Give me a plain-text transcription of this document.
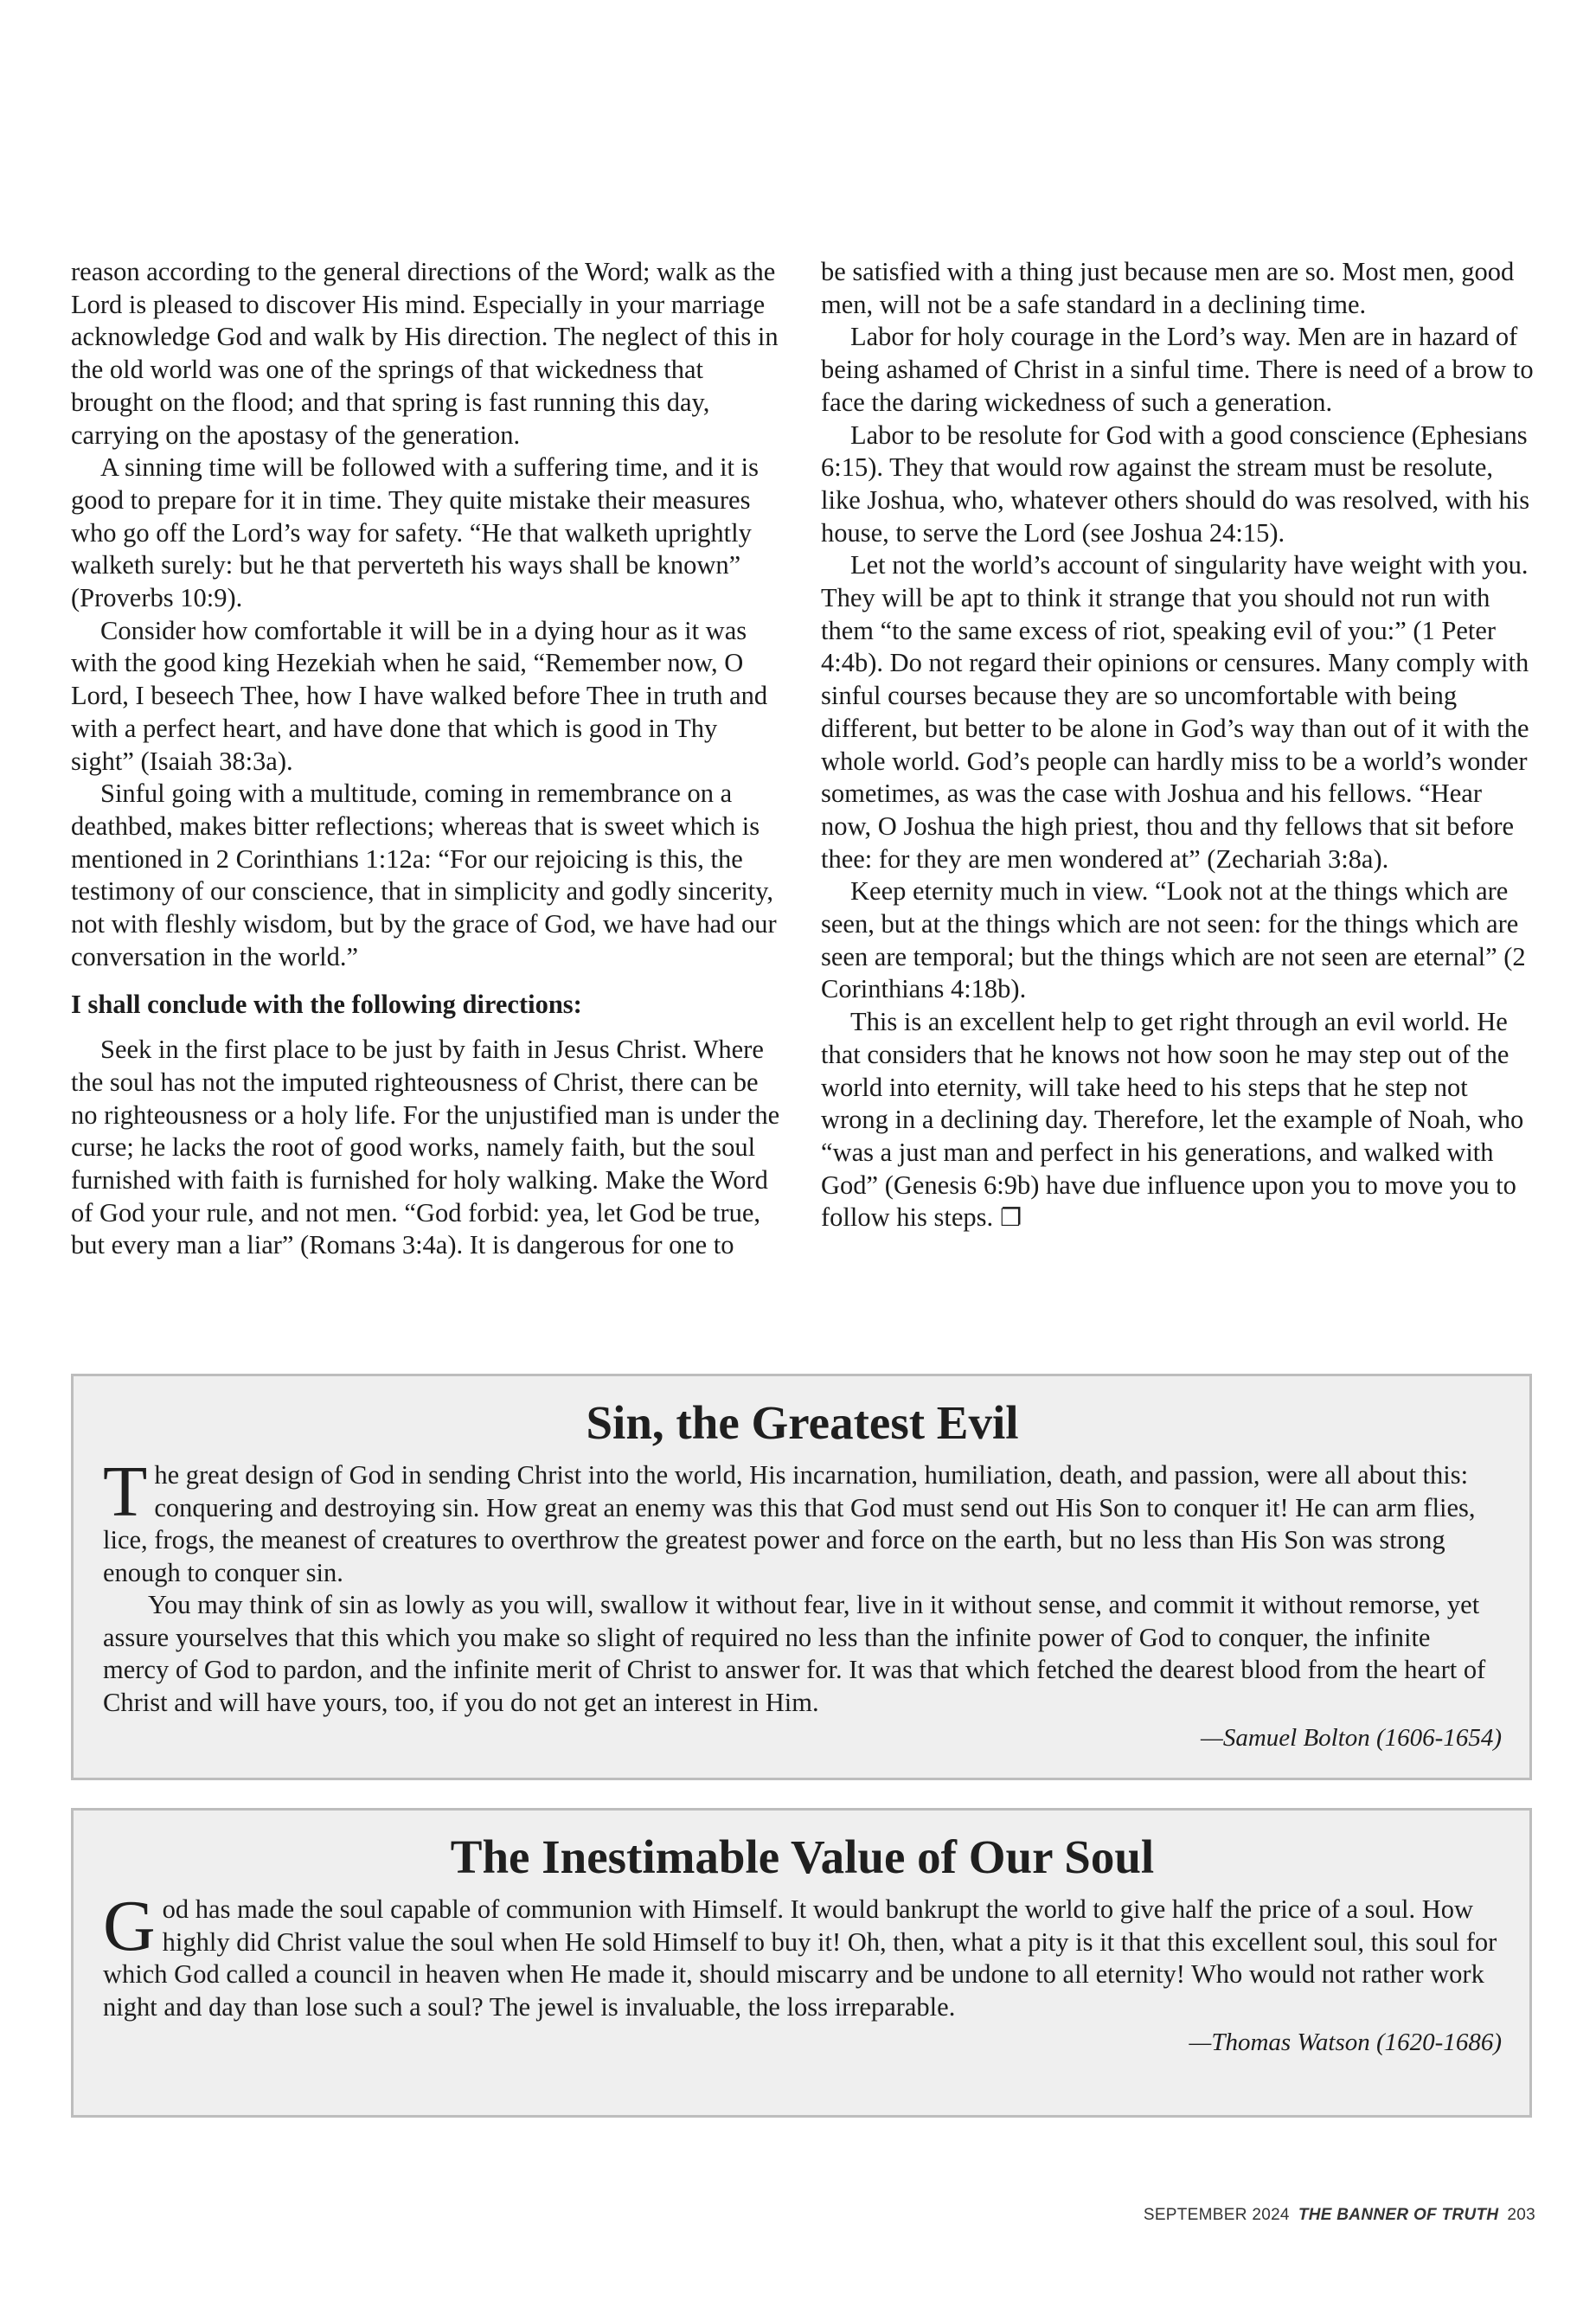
reason according to the general directions of the Word; walk as the Lord is pleased to discover His mind. Especially in your marriage acknowledge God and walk by His direction. The neglect of this in the old world was one of the springs of that wickedness that brought on the flood; and that spring is fast running this day, carrying on the apostasy of the generation.

A sinning time will be followed with a suffering time, and it is good to prepare for it in time. They quite mistake their measures who go off the Lord’s way for safety. “He that walketh uprightly walketh surely: but he that perverteth his ways shall be known” (Proverbs 10:9).

Consider how comfortable it will be in a dying hour as it was with the good king Hezekiah when he said, “Remember now, O Lord, I beseech Thee, how I have walked before Thee in truth and with a perfect heart, and have done that which is good in Thy sight” (Isaiah 38:3a).

Sinful going with a multitude, coming in remembrance on a deathbed, makes bitter reflections; whereas that is sweet which is mentioned in 2 Corinthians 1:12a: “For our rejoicing is this, the testimony of our conscience, that in simplicity and godly sincerity, not with fleshly wisdom, but by the grace of God, we have had our conversation in the world.”

I shall conclude with the following directions:

Seek in the first place to be just by faith in Jesus Christ. Where the soul has not the imputed righteousness of Christ, there can be no righteousness or a holy life. For the unjustified man is under the curse; he lacks the root of good works, namely faith, but the soul furnished with faith is furnished for holy walking. Make the Word of God your rule, and not men. “God forbid: yea, let God be true, but every man a liar” (Romans 3:4a). It is dangerous for one to

be satisfied with a thing just because men are so. Most men, good men, will not be a safe standard in a declining time.

Labor for holy courage in the Lord’s way. Men are in hazard of being ashamed of Christ in a sinful time. There is need of a brow to face the daring wickedness of such a generation.

Labor to be resolute for God with a good conscience (Ephesians 6:15). They that would row against the stream must be resolute, like Joshua, who, whatever others should do was resolved, with his house, to serve the Lord (see Joshua 24:15).

Let not the world’s account of singularity have weight with you. They will be apt to think it strange that you should not run with them “to the same excess of riot, speaking evil of you:” (1 Peter 4:4b). Do not regard their opinions or censures. Many comply with sinful courses because they are so uncomfortable with being different, but better to be alone in God’s way than out of it with the whole world. God’s people can hardly miss to be a world’s wonder sometimes, as was the case with Joshua and his fellows. “Hear now, O Joshua the high priest, thou and thy fellows that sit before thee: for they are men wondered at” (Zechariah 3:8a).

Keep eternity much in view. “Look not at the things which are seen, but at the things which are not seen: for the things which are seen are temporal; but the things which are not seen are eternal” (2 Corinthians 4:18b).

This is an excellent help to get right through an evil world. He that considers that he knows not how soon he may step out of the world into eternity, will take heed to his steps that he step not wrong in a declining day. Therefore, let the example of Noah, who “was a just man and perfect in his generations, and walked with God” (Genesis 6:9b) have due influence upon you to move you to follow his steps. ❐

Sin, the Greatest Evil

The great design of God in sending Christ into the world, His incarnation, humiliation, death, and passion, were all about this: conquering and destroying sin. How great an enemy was this that God must send out His Son to conquer it! He can arm flies, lice, frogs, the meanest of creatures to overthrow the greatest power and force on the earth, but no less than His Son was strong enough to conquer sin.

You may think of sin as lowly as you will, swallow it without fear, live in it without sense, and commit it without remorse, yet assure yourselves that this which you make so slight of required no less than the infinite power of God to conquer, the infinite mercy of God to pardon, and the infinite merit of Christ to answer for. It was that which fetched the dearest blood from the heart of Christ and will have yours, too, if you do not get an interest in Him.

—Samuel Bolton (1606-1654)
The Inestimable Value of Our Soul

God has made the soul capable of communion with Himself. It would bankrupt the world to give half the price of a soul. How highly did Christ value the soul when He sold Himself to buy it! Oh, then, what a pity is it that this excellent soul, this soul for which God called a council in heaven when He made it, should miscarry and be undone to all eternity! Who would not rather work night and day than lose such a soul? The jewel is invaluable, the loss irreparable.

—Thomas Watson (1620-1686)
SEPTEMBER 2024 THE BANNER OF TRUTH 203
